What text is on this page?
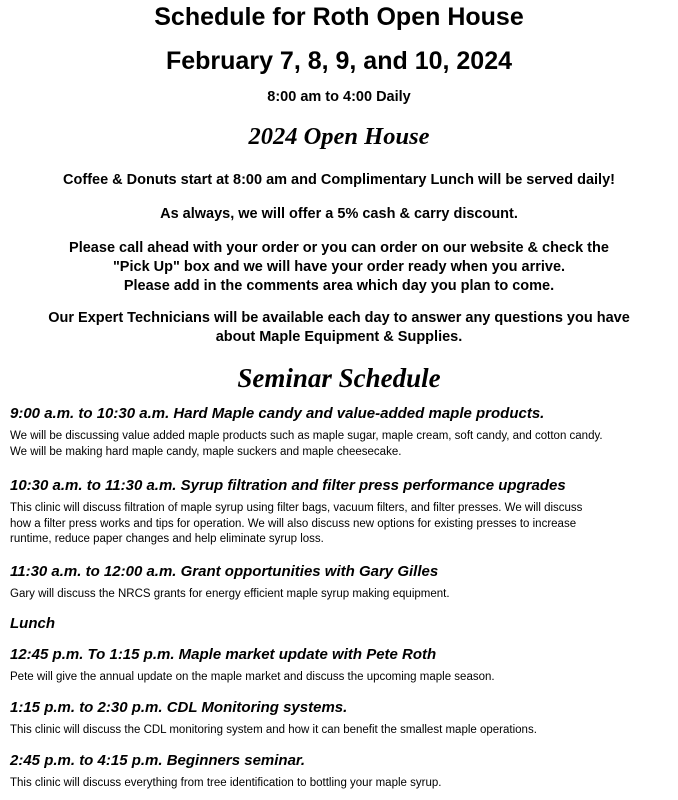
Schedule for Roth Open House
February 7, 8, 9, and 10, 2024
8:00 am to 4:00 Daily
2024 Open House
Coffee & Donuts start at 8:00 am and Complimentary Lunch will be served daily!
As always, we will offer a 5% cash & carry discount.
Please call ahead with your order or you can order on our website & check the
"Pick Up" box and we will have your order ready when you arrive.
Please add in the comments area which day you plan to come.
Our Expert Technicians will be available each day to answer any questions you have
about Maple Equipment & Supplies.
Seminar Schedule
9:00 a.m. to 10:30 a.m. Hard Maple candy and value-added maple products.
We will be discussing value added maple products such as maple sugar, maple cream, soft candy, and cotton candy.
We will be making hard maple candy, maple suckers and maple cheesecake.
10:30 a.m. to 11:30 a.m. Syrup filtration and filter press performance upgrades
This clinic will discuss filtration of maple syrup using filter bags, vacuum filters, and filter presses. We will discuss
how a filter press works and tips for operation. We will also discuss new options for existing presses to increase
runtime, reduce paper changes and help eliminate syrup loss.
11:30 a.m. to 12:00 a.m. Grant opportunities with Gary Gilles
Gary will discuss the NRCS grants for energy efficient maple syrup making equipment.
Lunch
12:45 p.m. To 1:15 p.m. Maple market update with Pete Roth
Pete will give the annual update on the maple market and discuss the upcoming maple season.
1:15 p.m. to 2:30 p.m. CDL Monitoring systems.
This clinic will discuss the CDL monitoring system and how it can benefit the smallest maple operations.
2:45 p.m. to 4:15 p.m. Beginners seminar.
This clinic will discuss everything from tree identification to bottling your maple syrup.
